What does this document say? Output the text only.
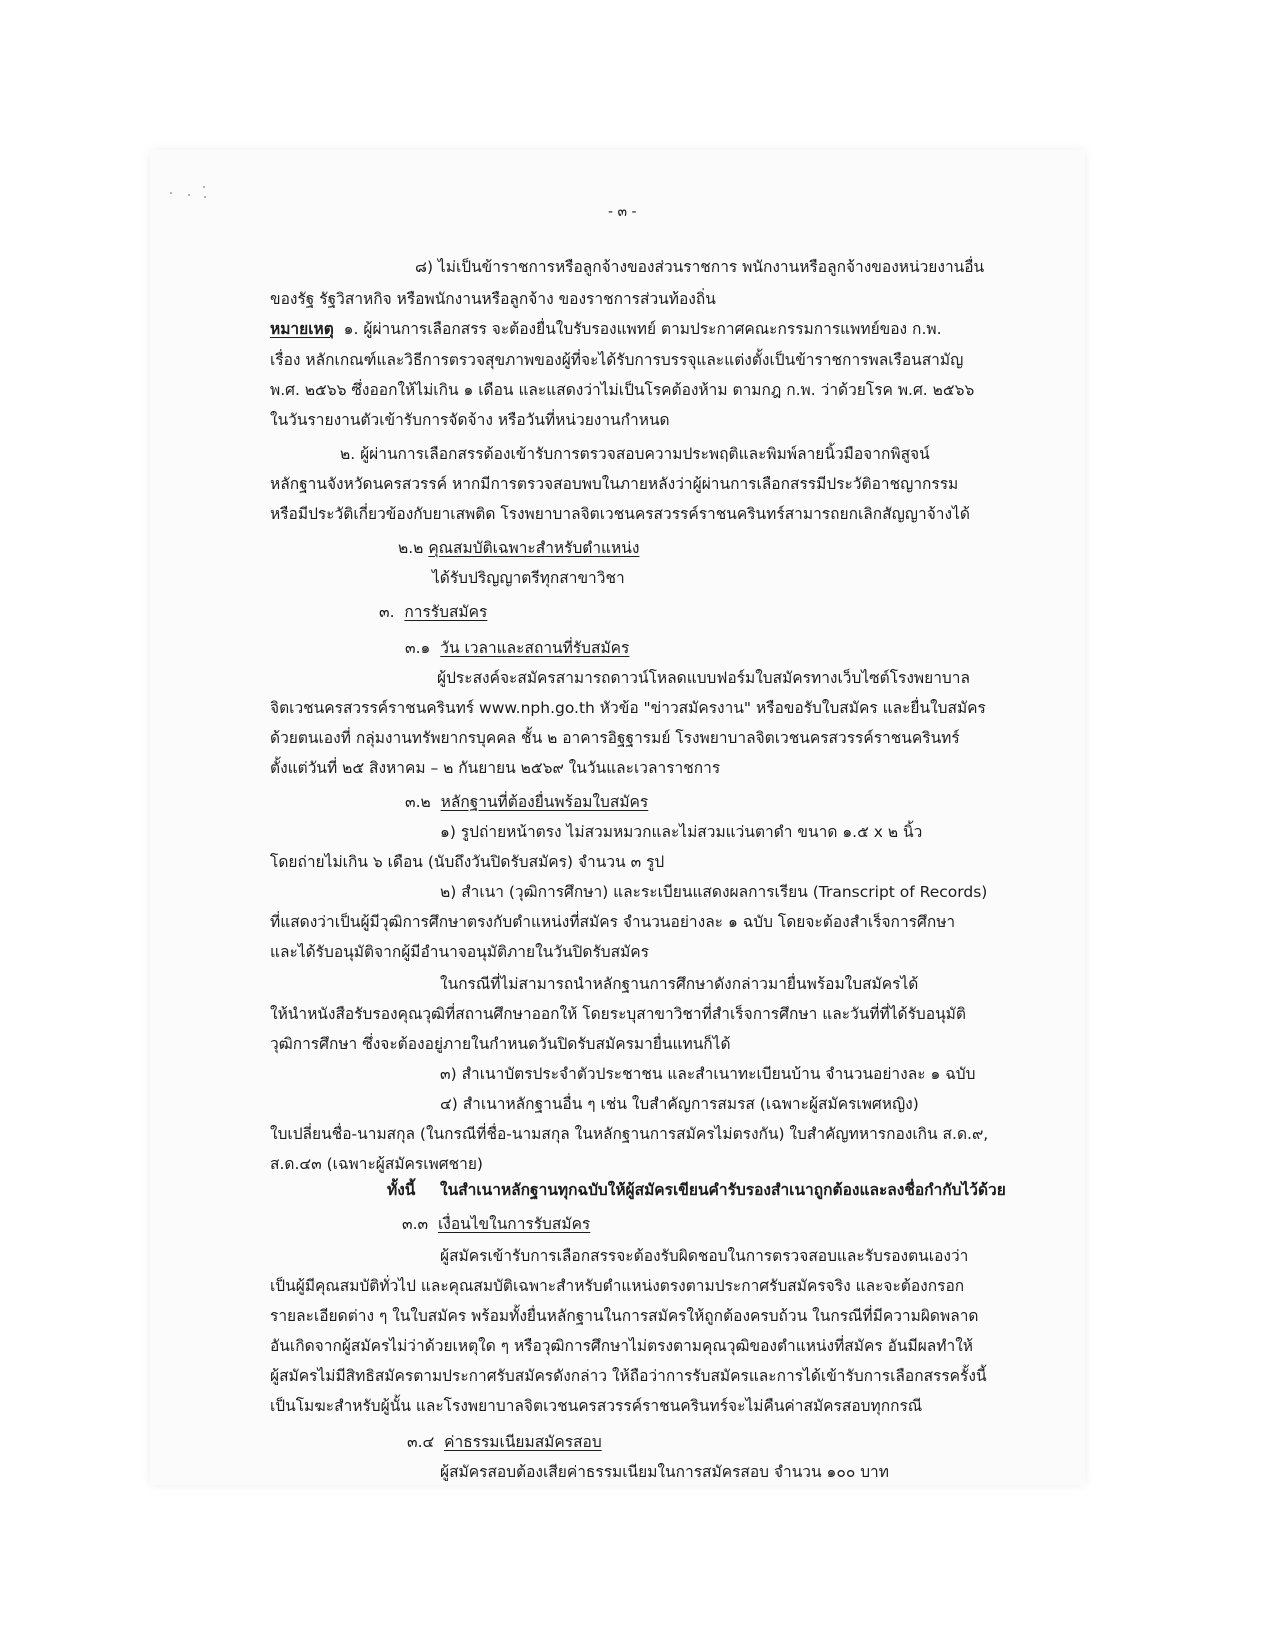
- ๓ -
๘) ไม่เป็นข้าราชการหรือลูกจ้างของส่วนราชการ พนักงานหรือลูกจ้างของหน่วยงานอื่น
ของรัฐ รัฐวิสาหกิจ หรือพนักงานหรือลูกจ้าง ของราชการส่วนท้องถิ่น
หมายเหตุ ๑. ผู้ผ่านการเลือกสรร จะต้องยื่นใบรับรองแพทย์ ตามประกาศคณะกรรมการแพทย์ของ ก.พ.
เรื่อง หลักเกณฑ์และวิธีการตรวจสุขภาพของผู้ที่จะได้รับการบรรจุและแต่งตั้งเป็นข้าราชการพลเรือนสามัญ
พ.ศ. ๒๕๖๖ ซึ่งออกให้ไม่เกิน ๑ เดือน และแสดงว่าไม่เป็นโรคต้องห้าม ตามกฎ ก.พ. ว่าด้วยโรค พ.ศ. ๒๕๖๖
ในวันรายงานตัวเข้ารับการจัดจ้าง หรือวันที่หน่วยงานกำหนด
๒. ผู้ผ่านการเลือกสรรต้องเข้ารับการตรวจสอบความประพฤติและพิมพ์ลายนิ้วมือจากพิสูจน์
หลักฐานจังหวัดนครสวรรค์ หากมีการตรวจสอบพบในภายหลังว่าผู้ผ่านการเลือกสรรมีประวัติอาชญากรรม
หรือมีประวัติเกี่ยวข้องกับยาเสพติด โรงพยาบาลจิตเวชนครสวรรค์ราชนครินทร์สามารถยกเลิกสัญญาจ้างได้
๒.๒ คุณสมบัติเฉพาะสำหรับตำแหน่ง
ได้รับปริญญาตรีทุกสาขาวิชา
๓. การรับสมัคร
๓.๑ วัน เวลาและสถานที่รับสมัคร
ผู้ประสงค์จะสมัครสามารถดาวน์โหลดแบบฟอร์มใบสมัครทางเว็บไซต์โรงพยาบาล
จิตเวชนครสวรรค์ราชนครินทร์ www.nph.go.th หัวข้อ "ข่าวสมัครงาน" หรือขอรับใบสมัคร และยื่นใบสมัคร
ด้วยตนเองที่ กลุ่มงานทรัพยากรบุคคล ชั้น ๒ อาคารอิฐฐารมย์ โรงพยาบาลจิตเวชนครสวรรค์ราชนครินทร์
ตั้งแต่วันที่ ๒๕ สิงหาคม – ๒ กันยายน ๒๕๖๙ ในวันและเวลาราชการ
๓.๒ หลักฐานที่ต้องยื่นพร้อมใบสมัคร
๑) รูปถ่ายหน้าตรง ไม่สวมหมวกและไม่สวมแว่นตาดำ ขนาด ๑.๕ x ๒ นิ้ว
โดยถ่ายไม่เกิน ๖ เดือน (นับถึงวันปิดรับสมัคร) จำนวน ๓ รูป
๒) สำเนา (วุฒิการศึกษา) และระเบียนแสดงผลการเรียน (Transcript of Records)
ที่แสดงว่าเป็นผู้มีวุฒิการศึกษาตรงกับตำแหน่งที่สมัคร จำนวนอย่างละ ๑ ฉบับ โดยจะต้องสำเร็จการศึกษา
และได้รับอนุมัติจากผู้มีอำนาจอนุมัติภายในวันปิดรับสมัคร
ในกรณีที่ไม่สามารถนำหลักฐานการศึกษาดังกล่าวมายื่นพร้อมใบสมัครได้
ให้นำหนังสือรับรองคุณวุฒิที่สถานศึกษาออกให้ โดยระบุสาขาวิชาที่สำเร็จการศึกษา และวันที่ที่ได้รับอนุมัติ
วุฒิการศึกษา ซึ่งจะต้องอยู่ภายในกำหนดวันปิดรับสมัครมายื่นแทนก็ได้
๓) สำเนาบัตรประจำตัวประชาชน และสำเนาทะเบียนบ้าน จำนวนอย่างละ ๑ ฉบับ
๔) สำเนาหลักฐานอื่น ๆ เช่น ใบสำคัญการสมรส (เฉพาะผู้สมัครเพศหญิง)
ใบเปลี่ยนชื่อ-นามสกุล (ในกรณีที่ชื่อ-นามสกุล ในหลักฐานการสมัครไม่ตรงกัน) ใบสำคัญทหารกองเกิน ส.ด.๙,
ส.ด.๔๓ (เฉพาะผู้สมัครเพศชาย)
ทั้งนี้ ในสำเนาหลักฐานทุกฉบับให้ผู้สมัครเขียนคำรับรองสำเนาถูกต้องและลงชื่อกำกับไว้ด้วย
๓.๓ เงื่อนไขในการรับสมัคร
ผู้สมัครเข้ารับการเลือกสรรจะต้องรับผิดชอบในการตรวจสอบและรับรองตนเองว่า
เป็นผู้มีคุณสมบัติทั่วไป และคุณสมบัติเฉพาะสำหรับตำแหน่งตรงตามประกาศรับสมัครจริง และจะต้องกรอก
รายละเอียดต่าง ๆ ในใบสมัคร พร้อมทั้งยื่นหลักฐานในการสมัครให้ถูกต้องครบถ้วน ในกรณีที่มีความผิดพลาด
อันเกิดจากผู้สมัครไม่ว่าด้วยเหตุใด ๆ หรือวุฒิการศึกษาไม่ตรงตามคุณวุฒิของตำแหน่งที่สมัคร อันมีผลทำให้
ผู้สมัครไม่มีสิทธิสมัครตามประกาศรับสมัครดังกล่าว ให้ถือว่าการรับสมัครและการได้เข้ารับการเลือกสรรครั้งนี้
เป็นโมฆะสำหรับผู้นั้น และโรงพยาบาลจิตเวชนครสวรรค์ราชนครินทร์จะไม่คืนค่าสมัครสอบทุกกรณี
๓.๔ ค่าธรรมเนียมสมัครสอบ
ผู้สมัครสอบต้องเสียค่าธรรมเนียมในการสมัครสอบ จำนวน ๑๐๐ บาท
